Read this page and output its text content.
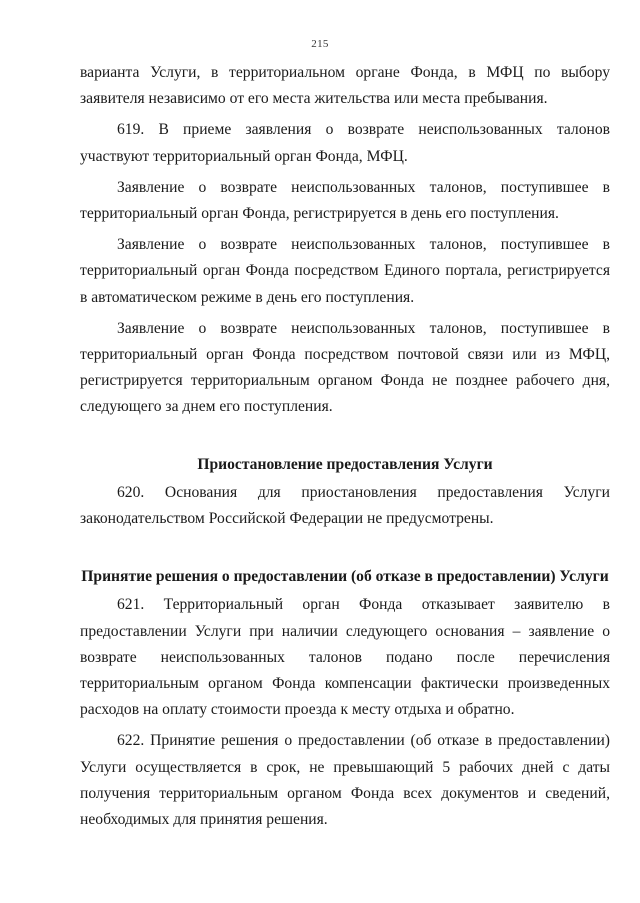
215

варианта Услуги, в территориальном органе Фонда, в МФЦ по выбору заявителя независимо от его места жительства или места пребывания.

619. В приеме заявления о возврате неиспользованных талонов участвуют территориальный орган Фонда, МФЦ.

Заявление о возврате неиспользованных талонов, поступившее в территориальный орган Фонда, регистрируется в день его поступления.

Заявление о возврате неиспользованных талонов, поступившее в территориальный орган Фонда посредством Единого портала, регистрируется в автоматическом режиме в день его поступления.

Заявление о возврате неиспользованных талонов, поступившее в территориальный орган Фонда посредством почтовой связи или из МФЦ, регистрируется территориальным органом Фонда не позднее рабочего дня, следующего за днем его поступления.

Приостановление предоставления Услуги

620. Основания для приостановления предоставления Услуги законодательством Российской Федерации не предусмотрены.

Принятие решения о предоставлении (об отказе в предоставлении) Услуги

621. Территориальный орган Фонда отказывает заявителю в предоставлении Услуги при наличии следующего основания – заявление о возврате неиспользованных талонов подано после перечисления территориальным органом Фонда компенсации фактически произведенных расходов на оплату стоимости проезда к месту отдыха и обратно.

622. Принятие решения о предоставлении (об отказе в предоставлении) Услуги осуществляется в срок, не превышающий 5 рабочих дней с даты получения территориальным органом Фонда всех документов и сведений, необходимых для принятия решения.
